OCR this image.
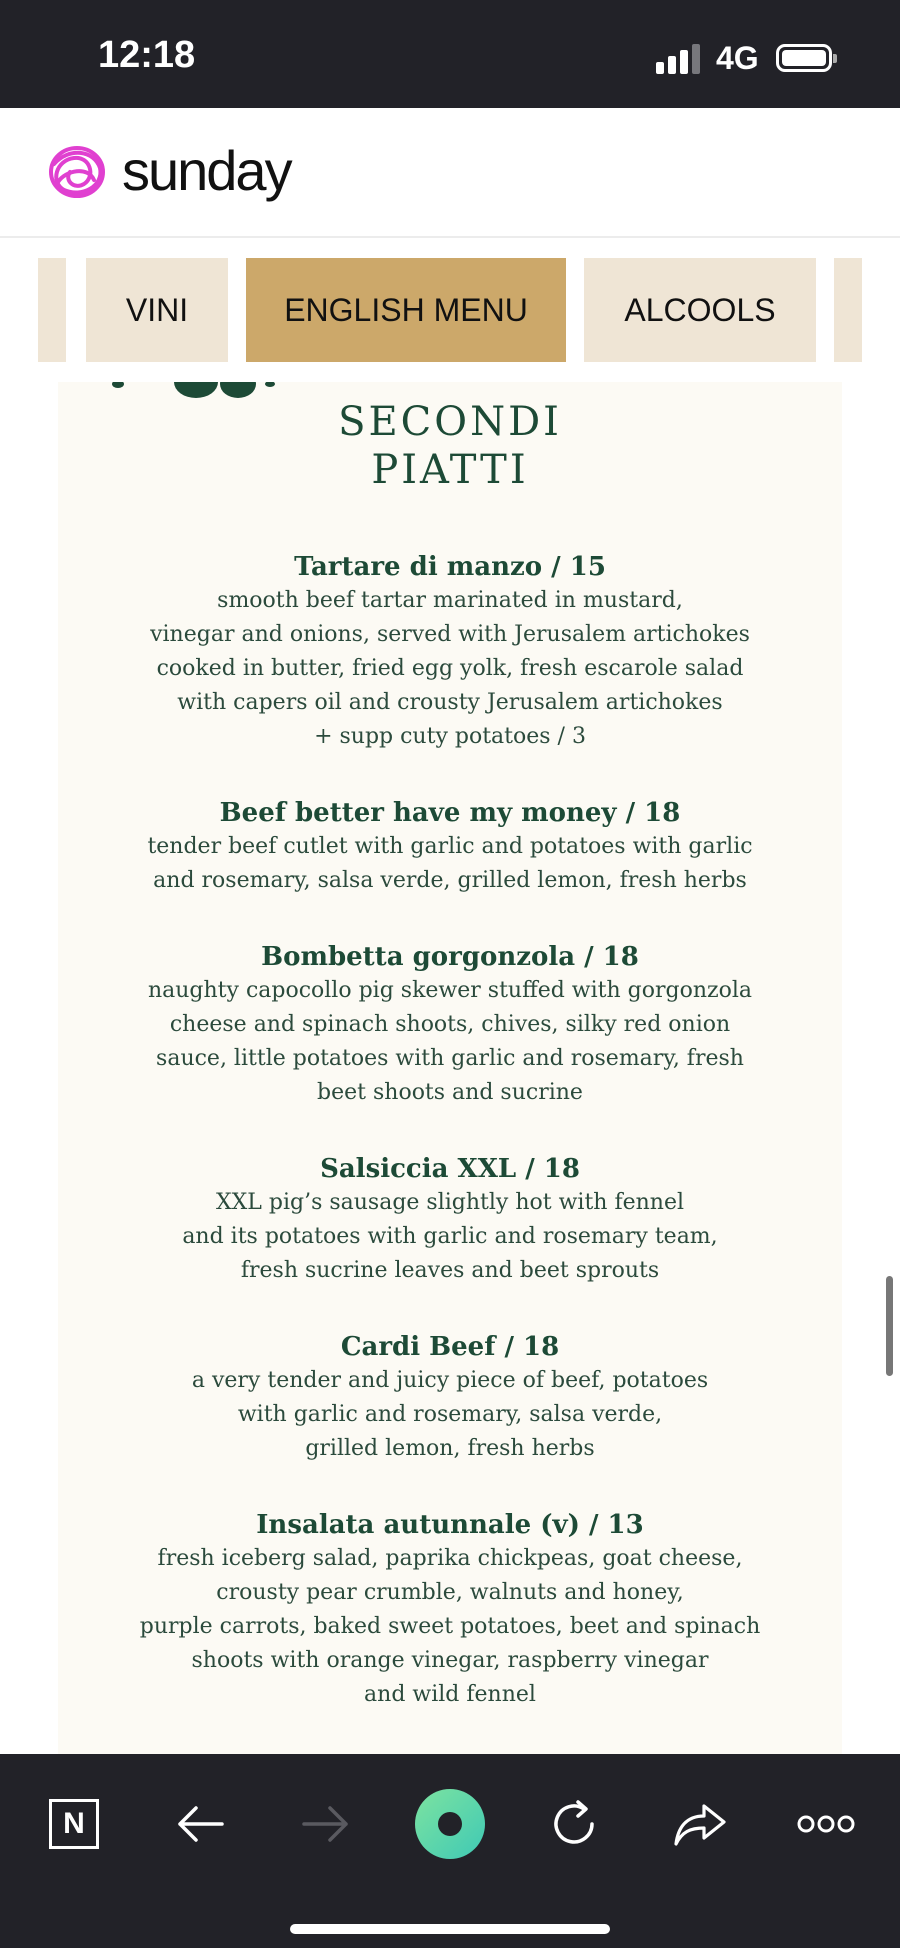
12:18	4G
sunday
VINI	ENGLISH MENU	ALCOOLS
SECONDI
PIATTI
Tartare di manzo / 15
smooth beef tartar marinated in mustard,
vinegar and onions, served with Jerusalem artichokes
cooked in butter, fried egg yolk, fresh escarole salad
with capers oil and crousty Jerusalem artichokes
+ supp cuty potatoes / 3
Beef better have my money / 18
tender beef cutlet with garlic and potatoes with garlic
and rosemary, salsa verde, grilled lemon, fresh herbs
Bombetta gorgonzola / 18
naughty capocollo pig skewer stuffed with gorgonzola
cheese and spinach shoots, chives, silky red onion
sauce, little potatoes with garlic and rosemary, fresh
beet shoots and sucrine
Salsiccia XXL / 18
XXL pig’s sausage slightly hot with fennel
and its potatoes with garlic and rosemary team,
fresh sucrine leaves and beet sprouts
Cardi Beef / 18
a very tender and juicy piece of beef, potatoes
with garlic and rosemary, salsa verde,
grilled lemon, fresh herbs
Insalata autunnale (v) / 13
fresh iceberg salad, paprika chickpeas, goat cheese,
crousty pear crumble, walnuts and honey,
purple carrots, baked sweet potatoes, beet and spinach
shoots with orange vinegar, raspberry vinegar
and wild fennel
N
